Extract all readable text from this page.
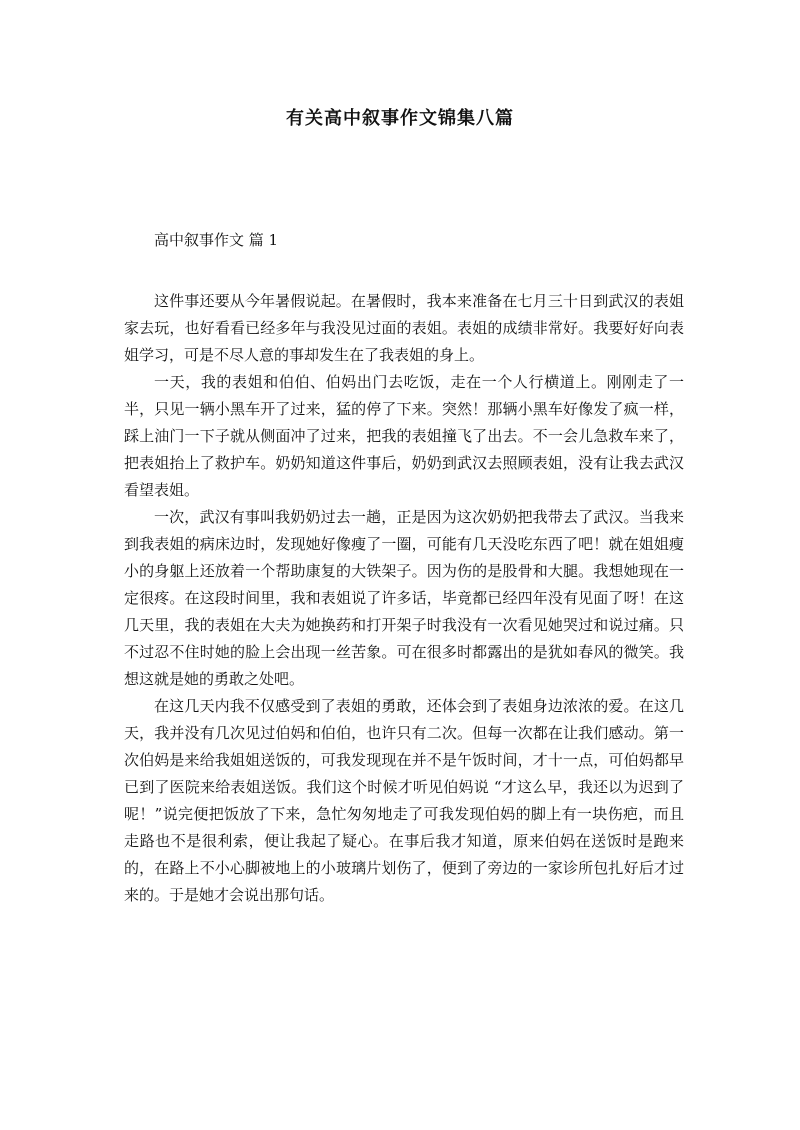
有关高中叙事作文锦集八篇
高中叙事作文 篇 1

这件事还要从今年暑假说起。在暑假时，我本来准备在七月三十日到武汉的表姐家去玩，也好看看已经多年与我没见过面的表姐。表姐的成绩非常好。我要好好向表姐学习，可是不尽人意的事却发生在了我表姐的身上。

一天，我的表姐和伯伯、伯妈出门去吃饭，走在一个人行横道上。刚刚走了一半，只见一辆小黑车开了过来，猛的停了下来。突然！那辆小黑车好像发了疯一样，踩上油门一下子就从侧面冲了过来，把我的表姐撞飞了出去。不一会儿急救车来了，把表姐抬上了救护车。奶奶知道这件事后，奶奶到武汉去照顾表姐，没有让我去武汉看望表姐。

一次，武汉有事叫我奶奶过去一趟，正是因为这次奶奶把我带去了武汉。当我来到我表姐的病床边时，发现她好像瘦了一圈，可能有几天没吃东西了吧！就在姐姐瘦小的身躯上还放着一个帮助康复的大铁架子。因为伤的是股骨和大腿。我想她现在一定很疼。在这段时间里，我和表姐说了许多话，毕竟都已经四年没有见面了呀！在这几天里，我的表姐在大夫为她换药和打开架子时我没有一次看见她哭过和说过痛。只不过忍不住时她的脸上会出现一丝苦象。可在很多时都露出的是犹如春风的微笑。我想这就是她的勇敢之处吧。

在这几天内我不仅感受到了表姐的勇敢，还体会到了表姐身边浓浓的爱。在这几天，我并没有几次见过伯妈和伯伯，也许只有二次。但每一次都在让我们感动。第一次伯妈是来给我姐姐送饭的，可我发现现在并不是午饭时间，才十一点，可伯妈都早已到了医院来给表姐送饭。我们这个时候才听见伯妈说 “才这么早，我还以为迟到了呢！”说完便把饭放了下来，急忙匆匆地走了可我发现伯妈的脚上有一块伤疤，而且走路也不是很利索，便让我起了疑心。在事后我才知道，原来伯妈在送饭时是跑来的，在路上不小心脚被地上的小玻璃片划伤了，便到了旁边的一家诊所包扎好后才过来的。于是她才会说出那句话。
